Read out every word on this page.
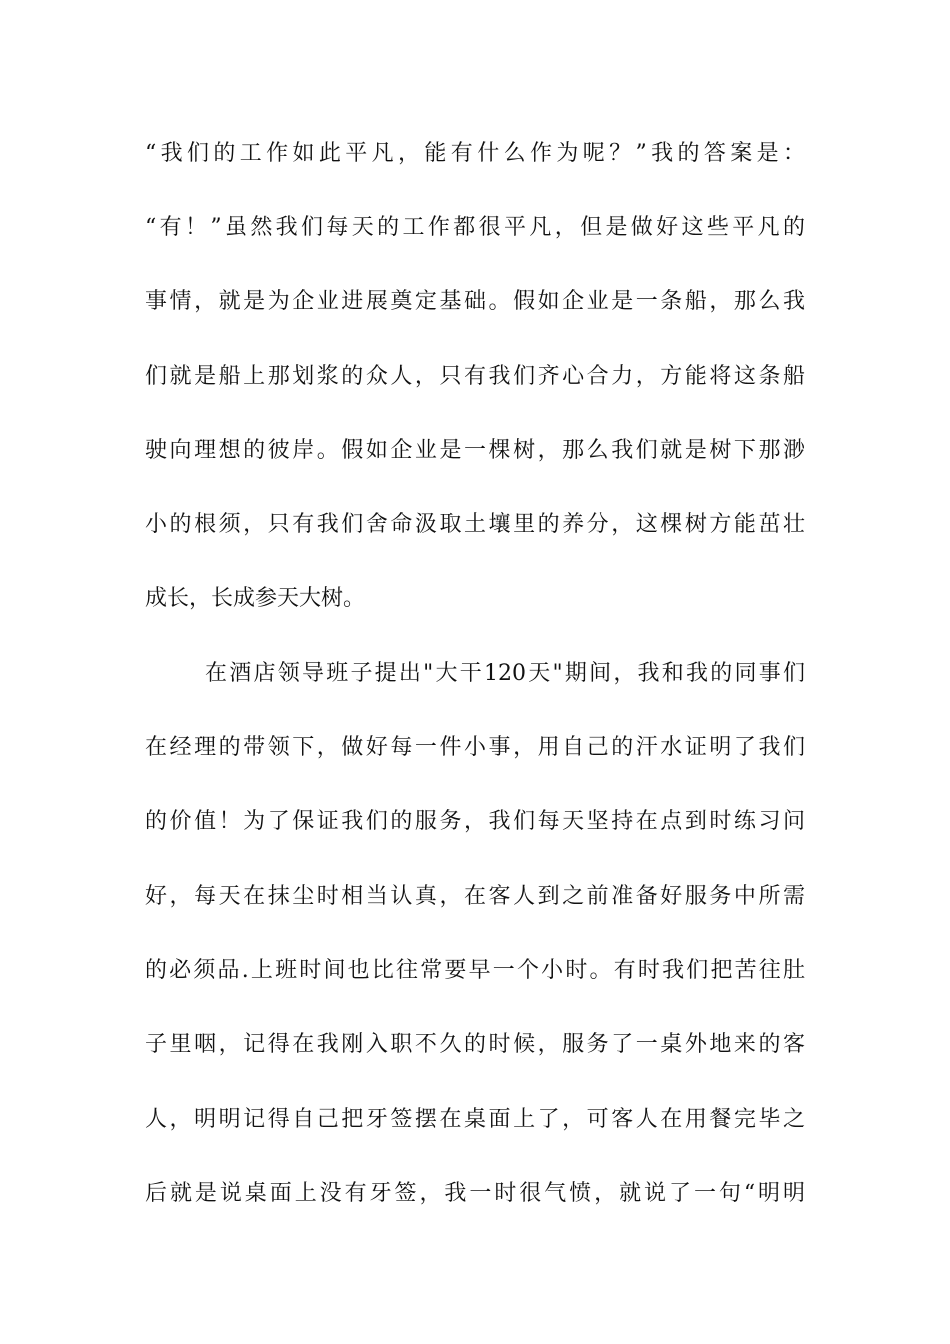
“我们的工作如此平凡，能有什么作为呢？”我的答案是：
“有！”虽然我们每天的工作都很平凡，但是做好这些平凡的
事情，就是为企业进展奠定基础。假如企业是一条船，那么我
们就是船上那划浆的众人，只有我们齐心合力，方能将这条船
驶向理想的彼岸。假如企业是一棵树，那么我们就是树下那渺
小的根须，只有我们舍命汲取土壤里的养分，这棵树方能茁壮
成长，长成参天大树。
在酒店领导班子提出"大干120天"期间，我和我的同事们
在经理的带领下，做好每一件小事，用自己的汗水证明了我们
的价值！为了保证我们的服务，我们每天坚持在点到时练习问
好，每天在抹尘时相当认真，在客人到之前准备好服务中所需
的必须品.上班时间也比往常要早一个小时。有时我们把苦往肚
子里咽，记得在我刚入职不久的时候，服务了一桌外地来的客
人，明明记得自己把牙签摆在桌面上了，可客人在用餐完毕之
后就是说桌面上没有牙签，我一时很气愤，就说了一句“明明
